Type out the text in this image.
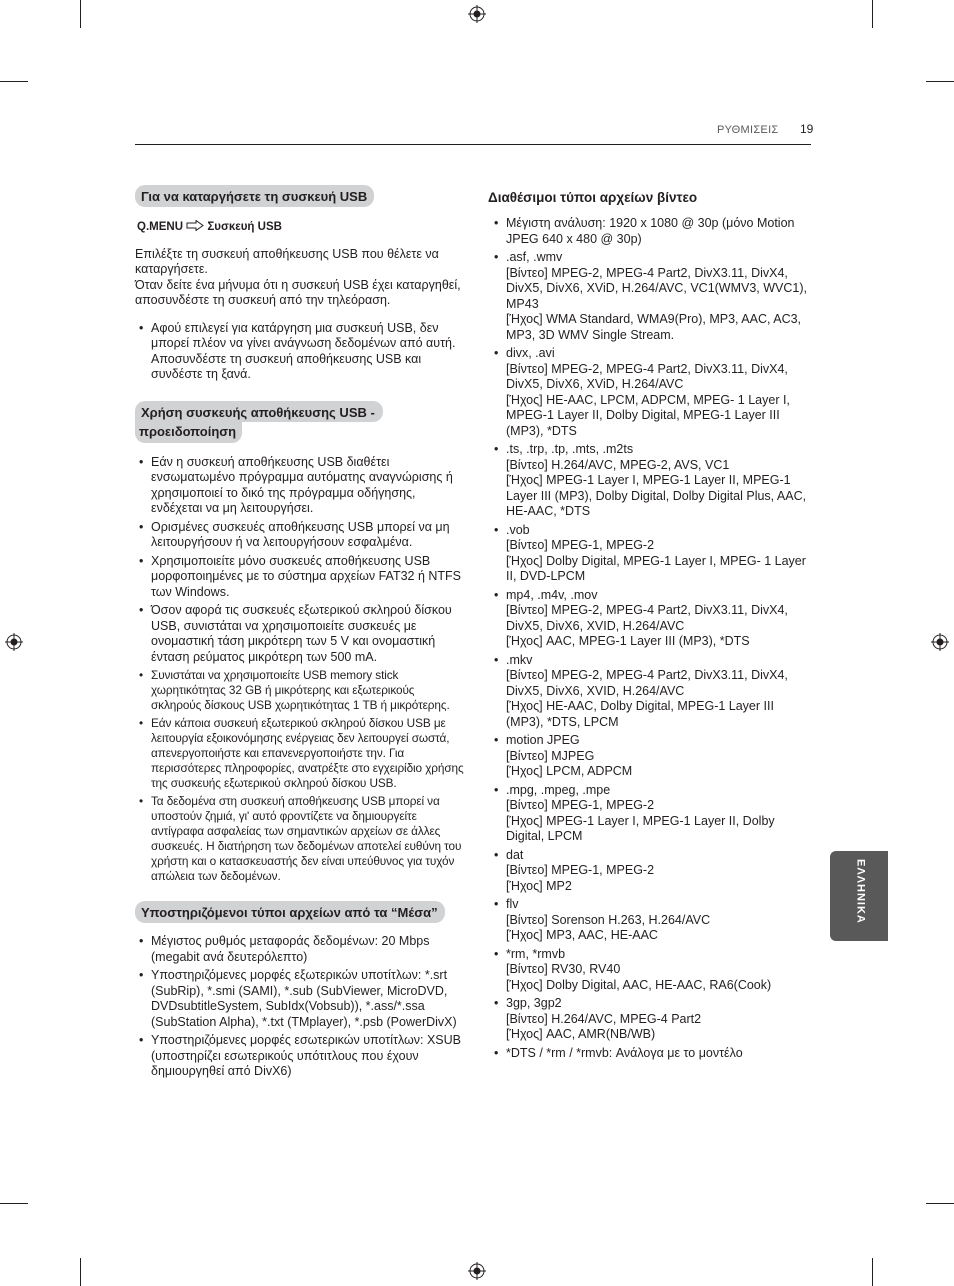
ΡΥΘΜΙΣΕΙΣ 19
Για να καταργήσετε τη συσκευή USB
Q.MENU Συσκευή USB

Επιλέξτε τη συσκευή αποθήκευσης USB που θέλετε να καταργήσετε.

Όταν δείτε ένα μήνυμα ότι η συσκευή USB έχει καταργηθεί, αποσυνδέστε τη συσκευή από την τηλεόραση.

• Αφού επιλεγεί για κατάργηση μια συσκευή USB, δεν μπορεί πλέον να γίνει ανάγνωση δεδομένων από αυτή. Αποσυνδέστε τη συσκευή αποθήκευσης USB και συνδέστε τη ξανά.
Χρήση συσκευής αποθήκευσης USB -
προειδοποίηση
• Εάν η συσκευή αποθήκευσης USB διαθέτει ενσωματωμένο πρόγραμμα αυτόματης αναγνώρισης ή χρησιμοποιεί το δικό της πρόγραμμα οδήγησης, ενδέχεται να μη λειτουργήσει.
• Ορισμένες συσκευές αποθήκευσης USB μπορεί να μη λειτουργήσουν ή να λειτουργήσουν εσφαλμένα.
• Χρησιμοποιείτε μόνο συσκευές αποθήκευσης USB μορφοποιημένες με το σύστημα αρχείων FAT32 ή NTFS των Windows.
• Όσον αφορά τις συσκευές εξωτερικού σκληρού δίσκου USB, συνιστάται να χρησιμοποιείτε συσκευές με ονομαστική τάση μικρότερη των 5 V και ονομαστική ένταση ρεύματος μικρότερη των 500 mA.
• Συνιστάται να χρησιμοποιείτε USB memory stick χωρητικότητας 32 GB ή μικρότερης και εξωτερικούς σκληρούς δίσκους USB χωρητικότητας 1 TB ή μικρότερης.
• Εάν κάποια συσκευή εξωτερικού σκληρού δίσκου USB με λειτουργία εξοικονόμησης ενέργειας δεν λειτουργεί σωστά, απενεργοποιήστε και επανενεργοποιήστε την. Για περισσότερες πληροφορίες, ανατρέξτε στο εγχειρίδιο χρήσης της συσκευής εξωτερικού σκληρού δίσκου USB.
• Τα δεδομένα στη συσκευή αποθήκευσης USB μπορεί να υποστούν ζημιά, γι' αυτό φροντίζετε να δημιουργείτε αντίγραφα ασφαλείας των σημαντικών αρχείων σε άλλες συσκευές. Η διατήρηση των δεδομένων αποτελεί ευθύνη του χρήστη και ο κατασκευαστής δεν είναι υπεύθυνος για τυχόν απώλεια των δεδομένων.
Υποστηριζόμενοι τύποι αρχείων από τα “Μέσα”
• Μέγιστος ρυθμός μεταφοράς δεδομένων: 20 Mbps (megabit ανά δευτερόλεπτο)
• Υποστηριζόμενες μορφές εξωτερικών υποτίτλων: *.srt (SubRip), *.smi (SAMI), *.sub (SubViewer, MicroDVD, DVDsubtitleSystem, SubIdx(Vobsub)), *.ass/*.ssa (SubStation Alpha), *.txt (TMplayer), *.psb (PowerDivX)
• Υποστηριζόμενες μορφές εσωτερικών υποτίτλων: XSUB (υποστηρίζει εσωτερικούς υπότιτλους που έχουν δημιουργηθεί από DivX6)
Διαθέσιμοι τύποι αρχείων βίντεο
• Μέγιστη ανάλυση: 1920 x 1080 @ 30p (μόνο Motion JPEG 640 x 480 @ 30p)
• .asf, .wmv
[Βίντεο] MPEG-2, MPEG-4 Part2, DivX3.11, DivX4, DivX5, DivX6, XViD, H.264/AVC, VC1(WMV3, WVC1), MP43
[Ήχος] WMA Standard, WMA9(Pro), MP3, AAC, AC3, MP3, 3D WMV Single Stream.
• divx, .avi
[Βίντεο] MPEG-2, MPEG-4 Part2, DivX3.11, DivX4, DivX5, DivX6, XViD, H.264/AVC
[Ήχος] HE-AAC, LPCM, ADPCM, MPEG- 1 Layer I, MPEG-1 Layer II, Dolby Digital, MPEG-1 Layer III (MP3), *DTS
• .ts, .trp, .tp, .mts, .m2ts
[Βίντεο] H.264/AVC, MPEG-2, AVS, VC1
[Ήχος] MPEG-1 Layer I, MPEG-1 Layer II, MPEG-1 Layer III (MP3), Dolby Digital, Dolby Digital Plus, AAC, HE-AAC, *DTS
• .vob
[Βίντεο] MPEG-1, MPEG-2
[Ήχος] Dolby Digital, MPEG-1 Layer I, MPEG- 1 Layer II, DVD-LPCM
• mp4, .m4v, .mov
[Βίντεο] MPEG-2, MPEG-4 Part2, DivX3.11, DivX4, DivX5, DivX6, XVID, H.264/AVC
[Ήχος] AAC, MPEG-1 Layer III (MP3), *DTS
• .mkv
[Βίντεο] MPEG-2, MPEG-4 Part2, DivX3.11, DivX4, DivX5, DivX6, XVID, H.264/AVC
[Ήχος] HE-AAC, Dolby Digital, MPEG-1 Layer III (MP3), *DTS, LPCM
• motion JPEG
[Βίντεο] MJPEG
[Ήχος] LPCM, ADPCM
• .mpg, .mpeg, .mpe
[Βίντεο] MPEG-1, MPEG-2
[Ήχος] MPEG-1 Layer I, MPEG-1 Layer II, Dolby Digital, LPCM
• dat
[Βίντεο] MPEG-1, MPEG-2
[Ήχος] MP2
• flv
[Βίντεο] Sorenson H.263, H.264/AVC
[Ήχος] MP3, AAC, HE-AAC
• *rm, *rmvb
[Βίντεο] RV30, RV40
[Ήχος] Dolby Digital, AAC, HE-AAC, RA6(Cook)
• 3gp, 3gp2
[Βίντεο] H.264/AVC, MPEG-4 Part2
[Ήχος] AAC, AMR(NB/WB)
• *DTS / *rm / *rmvb: Ανάλογα με το μοντέλο
ΕΛΛΗΝΙΚΑ
